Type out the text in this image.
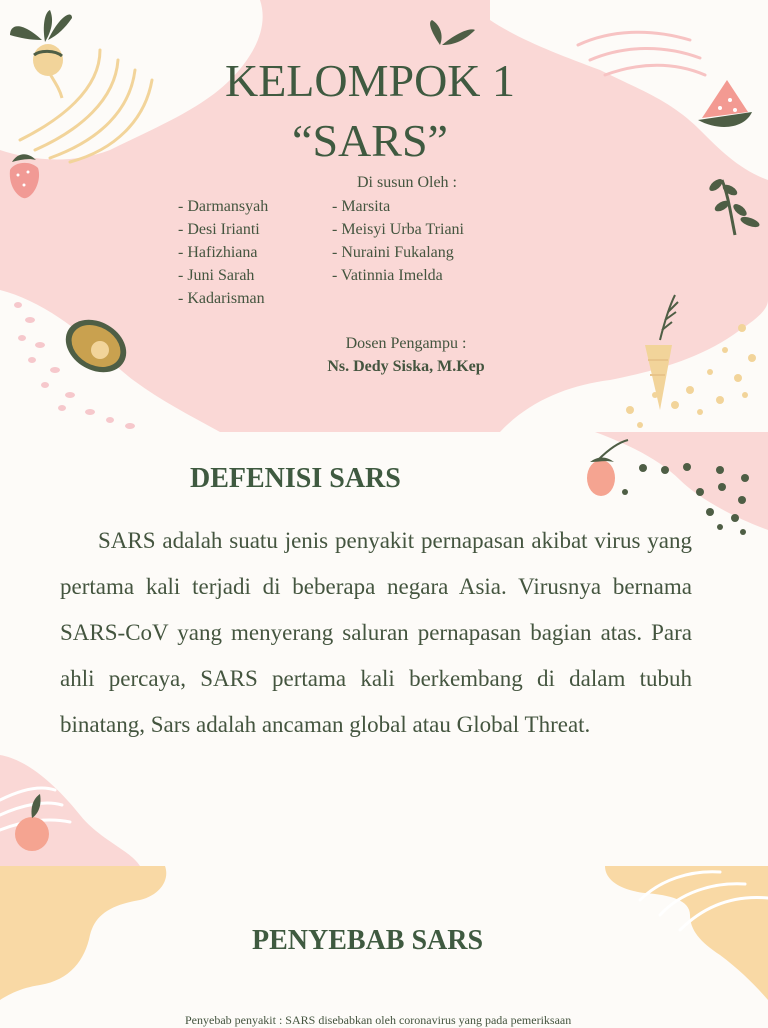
KELOMPOK 1
“SARS”
Di susun Oleh :
- Darmansyah
- Desi Irianti
- Hafizhiana
- Juni Sarah
- Kadarisman
- Marsita
- Meisyi Urba Triani
- Nuraini Fukalang
- Vatinnia Imelda
Dosen Pengampu :
Ns. Dedy Siska, M.Kep
DEFENISI SARS
SARS adalah suatu jenis penyakit pernapasan akibat virus yang pertama kali terjadi di beberapa negara Asia. Virusnya bernama SARS-CoV yang menyerang saluran pernapasan bagian atas. Para ahli percaya, SARS pertama kali berkembang di dalam tubuh binatang, Sars adalah ancaman global atau Global Threat.
PENYEBAB SARS
Penyebab penyakit : SARS disebabkan oleh coronavirus yang pada pemeriksaan
